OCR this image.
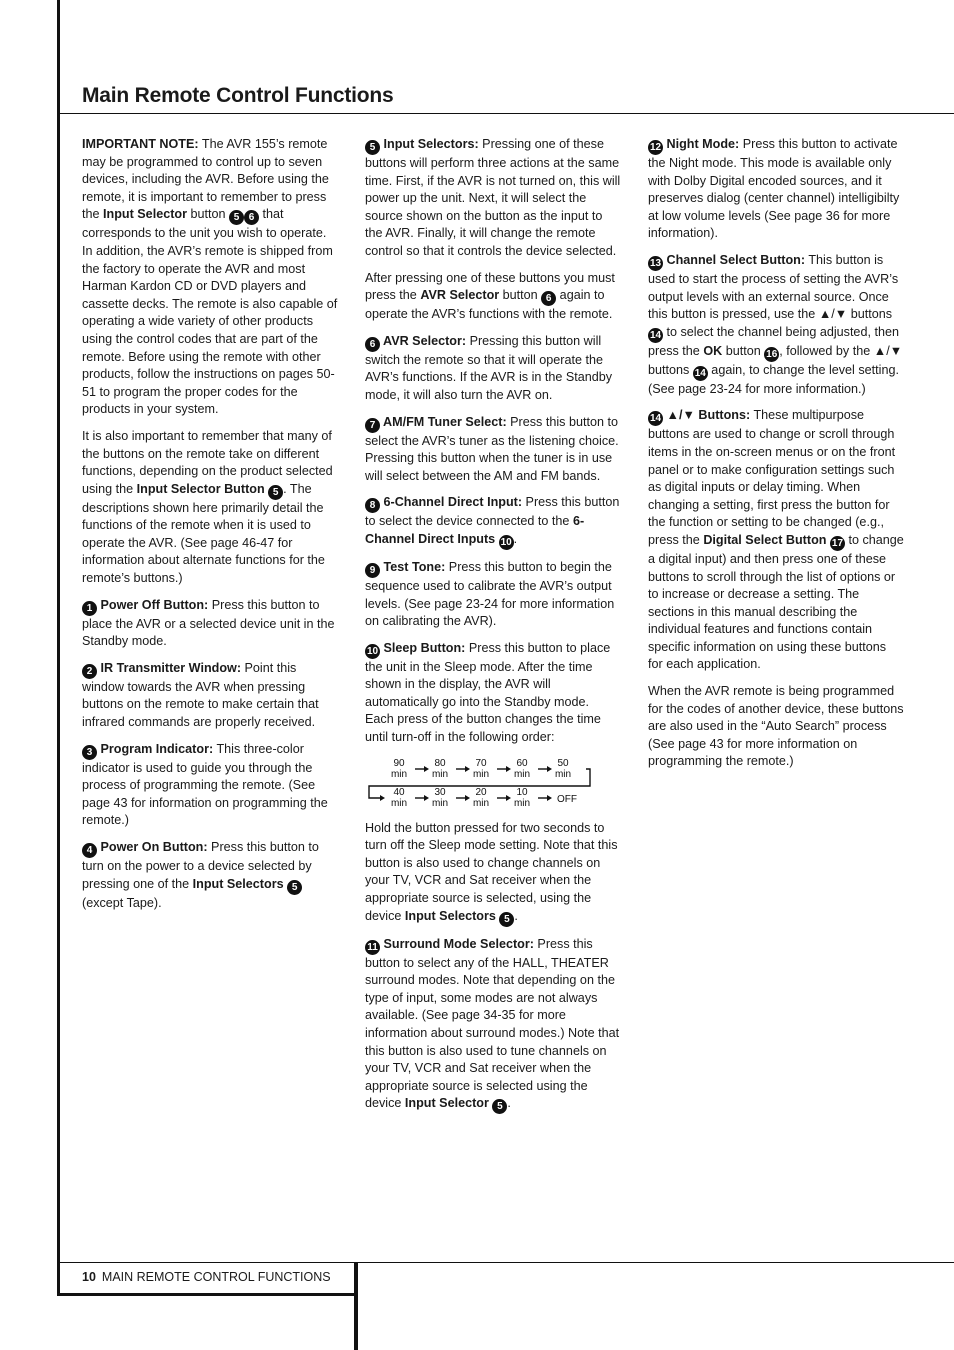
Main Remote Control Functions

IMPORTANT NOTE: The AVR 155’s remote may be programmed to control up to seven devices, including the AVR. Before using the remote, it is important to remember to press the Input Selector button 5 6 that corresponds to the unit you wish to operate. In addition, the AVR’s remote is shipped from the factory to operate the AVR and most Harman Kardon CD or DVD players and cassette decks. The remote is also capable of operating a wide variety of other products using the control codes that are part of the remote. Before using the remote with other products, follow the instructions on pages 50-51 to program the proper codes for the products in your system.

It is also important to remember that many of the buttons on the remote take on different functions, depending on the product selected using the Input Selector Button 5 . The descriptions shown here primarily detail the functions of the remote when it is used to operate the AVR. (See page 46-47 for information about alternate functions for the remote’s buttons.)

1 Power Off Button: Press this button to place the AVR or a selected device unit in the Standby mode.

2 IR Transmitter Window: Point this window towards the AVR when pressing buttons on the remote to make certain that infrared commands are properly received.

3 Program Indicator: This three-color indicator is used to guide you through the process of programming the remote. (See page 43 for information on programming the remote.)

4 Power On Button: Press this button to turn on the power to a device selected by pressing one of the Input Selectors 5 (except Tape).

5 Input Selectors: Pressing one of these buttons will perform three actions at the same time. First, if the AVR is not turned on, this will power up the unit. Next, it will select the source shown on the button as the input to the AVR. Finally, it will change the remote control so that it controls the device selected.

After pressing one of these buttons you must press the AVR Selector button 6 again to operate the AVR’s functions with the remote.

6 AVR Selector: Pressing this button will switch the remote so that it will operate the AVR’s functions. If the AVR is in the Standby mode, it will also turn the AVR on.

7 AM/FM Tuner Select: Press this button to select the AVR’s tuner as the listening choice. Pressing this button when the tuner is in use will select between the AM and FM bands.

8 6-Channel Direct Input: Press this button to select the device connected to the 6-Channel Direct Inputs 10 .

9 Test Tone: Press this button to begin the sequence used to calibrate the AVR’s output levels. (See page 23-24 for more information on calibrating the AVR).

10 Sleep Button: Press this button to place the unit in the Sleep mode. After the time shown in the display, the AVR will automatically go into the Standby mode. Each press of the button changes the time until turn-off in the following order:

90
min
80
min
70
min
60
min
50
min
40
min
30
min
20
min
10
min	OFF

Hold the button pressed for two seconds to turn off the Sleep mode setting. Note that this button is also used to change channels on your TV, VCR and Sat receiver when the appropriate source is selected, using the device Input Selectors 5 .

11 Surround Mode Selector: Press this button to select any of the HALL, THEATER surround modes. Note that depending on the type of input, some modes are not always available. (See page 34-35 for more information about surround modes.) Note that this button is also used to tune channels on your TV, VCR and Sat receiver when the appropriate source is selected using the device Input Selector 5 .

12 Night Mode: Press this button to activate the Night mode. This mode is available only with Dolby Digital encoded sources, and it preserves dialog (center channel) intelligibilty at low volume levels (See page 36 for more information).

13 Channel Select Button: This button is used to start the process of setting the AVR’s output levels with an external source. Once this button is pressed, use the ▲/▼ buttons 14 to select the channel being adjusted, then press the OK button 16 , followed by the ▲/▼ buttons 14 again, to change the level setting. (See page 23-24 for more information.)

14 ▲/▼ Buttons: These multipurpose buttons are used to change or scroll through items in the on-screen menus or on the front panel or to make configuration settings such as digital inputs or delay timing. When changing a setting, first press the button for the function or setting to be changed (e.g., press the Digital Select Button 17 to change a digital input) and then press one of these buttons to scroll through the list of options or to increase or decrease a setting. The sections in this manual describing the individual features and functions contain specific information on using these buttons for each application.

When the AVR remote is being programmed for the codes of another device, these buttons are also used in the “Auto Search” process (See page 43 for more information on programming the remote.)

10 MAIN REMOTE CONTROL FUNCTIONS
